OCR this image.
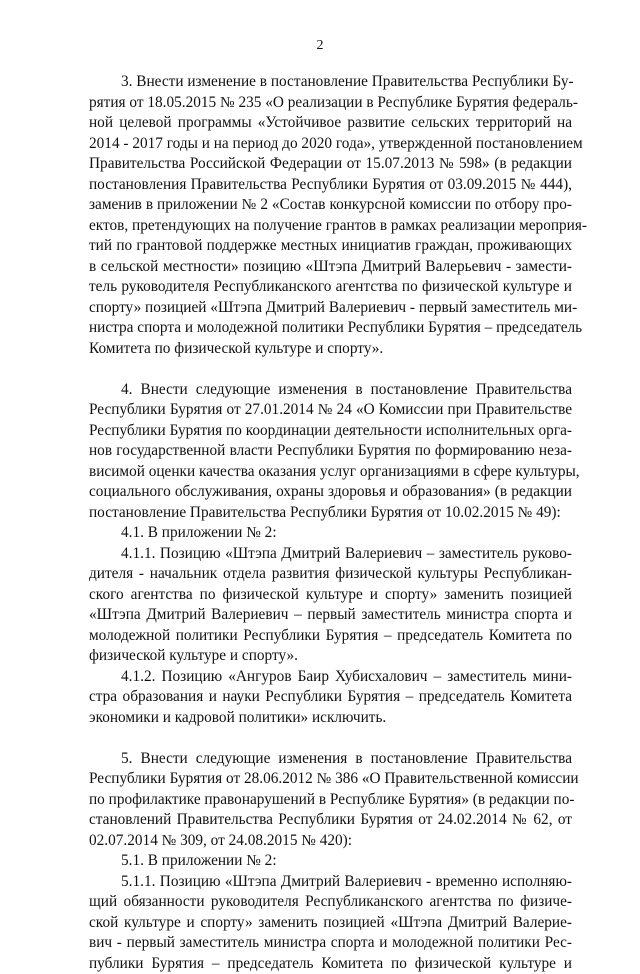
2
3. Внести изменение в постановление Правительства Республики Бу-
рятия от 18.05.2015 № 235 «О реализации в Республике Бурятия федераль-
ной целевой программы «Устойчивое развитие сельских территорий на
2014 - 2017 годы и на период до 2020 года», утвержденной постановлением
Правительства Российской Федерации от 15.07.2013 № 598» (в редакции
постановления Правительства Республики Бурятия от 03.09.2015 № 444),
заменив в приложении № 2 «Состав конкурсной комиссии по отбору про-
ектов, претендующих на получение грантов в рамках реализации мероприя-
тий по грантовой поддержке местных инициатив граждан, проживающих
в сельской местности» позицию «Штэпа Дмитрий Валерьевич - замести-
тель руководителя Республиканского агентства по физической культуре и
спорту» позицией «Штэпа Дмитрий Валериевич - первый заместитель ми-
нистра спорта и молодежной политики Республики Бурятия – председатель
Комитета по физической культуре и спорту».
4. Внести следующие изменения в постановление Правительства
Республики Бурятия от 27.01.2014 № 24 «О Комиссии при Правительстве
Республики Бурятия по координации деятельности исполнительных орга-
нов государственной власти Республики Бурятия по формированию неза-
висимой оценки качества оказания услуг организациями в сфере культуры,
социального обслуживания, охраны здоровья и образования» (в редакции
постановление Правительства Республики Бурятия от 10.02.2015 № 49):
4.1. В приложении № 2:
4.1.1. Позицию «Штэпа Дмитрий Валериевич – заместитель руково-
дителя - начальник отдела развития физической культуры Республикан-
ского агентства по физической культуре и спорту» заменить позицией
«Штэпа Дмитрий Валериевич – первый заместитель министра спорта и
молодежной политики Республики Бурятия – председатель Комитета по
физической культуре и спорту».
4.1.2. Позицию «Ангуров Баир Хубисхалович – заместитель мини-
стра образования и науки Республики Бурятия – председатель Комитета
экономики и кадровой политики» исключить.
5. Внести следующие изменения в постановление Правительства
Республики Бурятия от 28.06.2012 № 386 «О Правительственной комиссии
по профилактике правонарушений в Республике Бурятия» (в редакции по-
становлений Правительства Республики Бурятия от 24.02.2014 № 62, от
02.07.2014 № 309, от 24.08.2015 № 420):
5.1. В приложении № 2:
5.1.1. Позицию «Штэпа Дмитрий Валериевич - временно исполняю-
щий обязанности руководителя Республиканского агентства по физиче-
ской культуре и спорту» заменить позицией «Штэпа Дмитрий Валерие-
вич - первый заместитель министра спорта и молодежной политики Рес-
публики Бурятия – председатель Комитета по физической культуре и
